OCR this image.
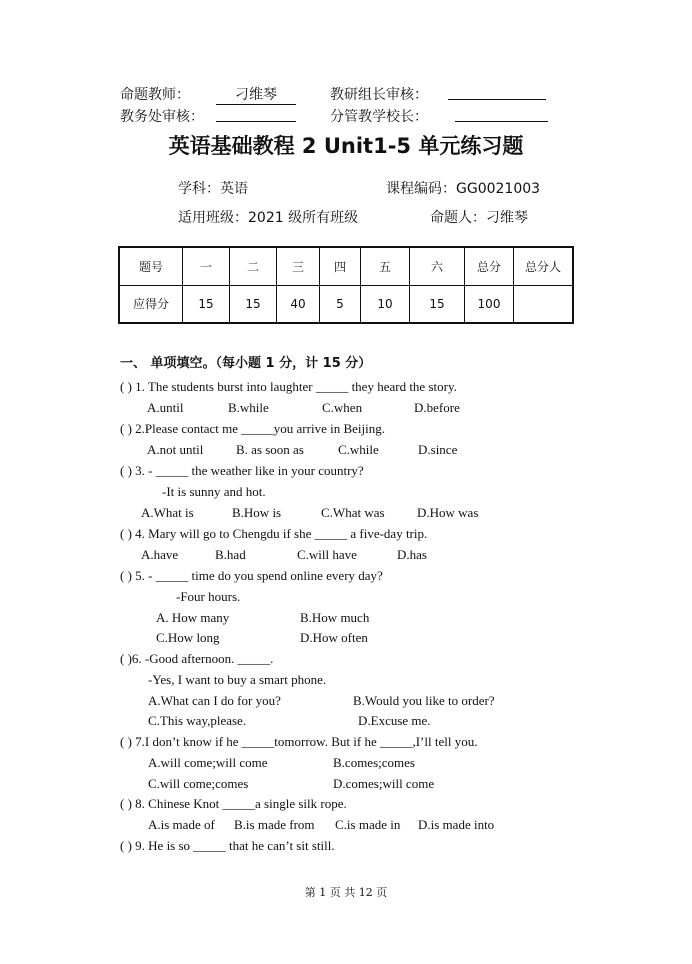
命题教师：	刁维琴	教研组长审核：
教务处审核：	分管教学校长：
英语基础教程 2 Unit1-5 单元练习题
学科：英语	课程编码：GG0021003
适用班级：2021 级所有班级	命题人：刁维琴
题号	一	二	三	四	五	六	总分	总分人
应得分	15	15	40	5	10	15	100	
一、 单项填空。（每小题 1 分，计 15 分）
( ) 1. The students burst into laughter _____ they heard the story.
A.until	B.while	C.when	D.before
( ) 2.Please contact me _____you arrive in Beijing.
A.not until	B. as soon as	C.while	D.since
( ) 3. - _____ the weather like in your country?
-It is sunny and hot.
A.What is	B.How is	C.What was D.How was
( ) 4. Mary will go to Chengdu if she _____ a five-day trip.
A.have	B.had	C.will have	D.has
( ) 5. - _____ time do you spend online every day?
-Four hours.
A. How many	B.How much
C.How long	D.How often
( )6. -Good afternoon. _____.
-Yes, I want to buy a smart phone.
A.What can I do for you?	B.Would you like to order?
C.This way,please.	D.Excuse me.
( ) 7.I don’t know if he _____tomorrow. But if he _____,I’ll tell you.
A.will come;will come	B.comes;comes
C.will come;comes	D.comes;will come
( ) 8. Chinese Knot _____a single silk rope.
A.is made of B.is made from C.is made in D.is made into
( ) 9. He is so _____ that he can’t sit still.
第 1 页 共 12 页
